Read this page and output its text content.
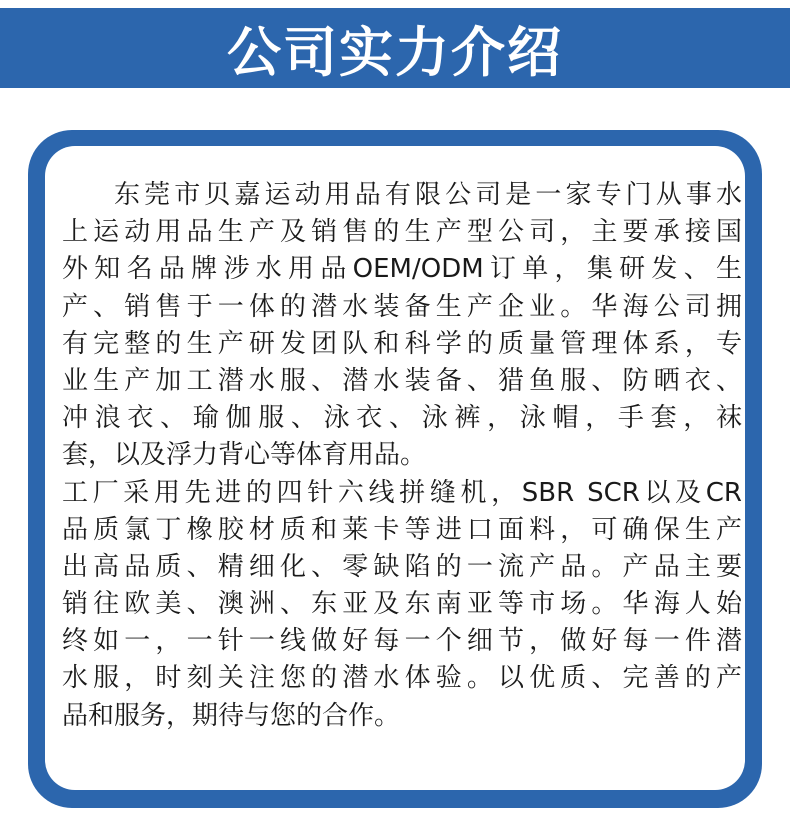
公司实力介绍
东莞市贝嘉运动用品有限公司是一家专门从事水
上运动用品生产及销售的生产型公司，主要承接国
外知名品牌涉水用品OEM/ODM订单，集研发、生
产、销售于一体的潜水装备生产企业。华海公司拥
有完整的生产研发团队和科学的质量管理体系，专
业生产加工潜水服、潜水装备、猎鱼服、防晒衣、
冲浪衣、瑜伽服、泳衣、泳裤，泳帽，手套，袜
套，以及浮力背心等体育用品。
工厂采用先进的四针六线拼缝机，SBR SCR以及CR
品质氯丁橡胶材质和莱卡等进口面料，可确保生产
出高品质、精细化、零缺陷的一流产品。产品主要
销往欧美、澳洲、东亚及东南亚等市场。华海人始
终如一，一针一线做好每一个细节，做好每一件潜
水服，时刻关注您的潜水体验。以优质、完善的产
品和服务，期待与您的合作。
